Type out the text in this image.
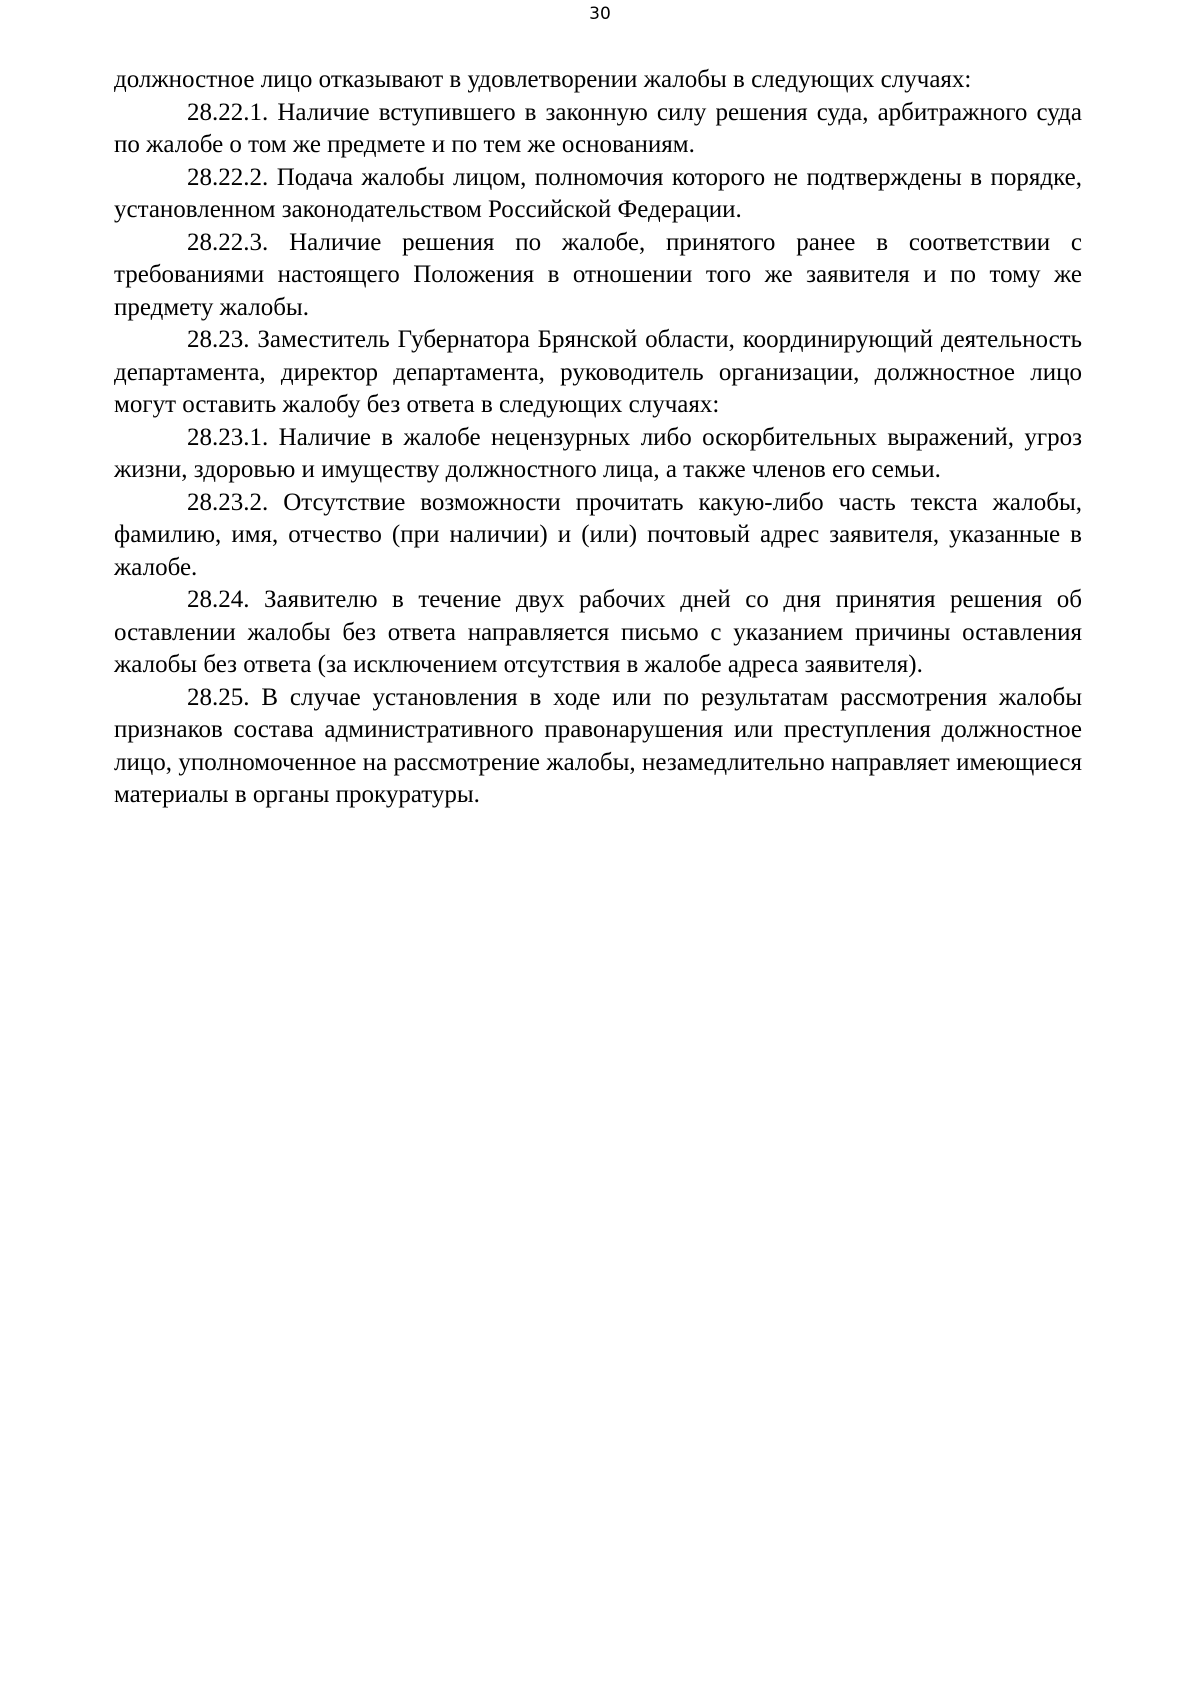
30

должностное лицо отказывают в удовлетворении жалобы в следующих случаях:

28.22.1. Наличие вступившего в законную силу решения суда, арбитражного суда по жалобе о том же предмете и по тем же основаниям.

28.22.2. Подача жалобы лицом, полномочия которого не подтверждены в порядке, установленном законодательством Российской Федерации.

28.22.3. Наличие решения по жалобе, принятого ранее в соответствии с требованиями настоящего Положения в отношении того же заявителя и по тому же предмету жалобы.

28.23. Заместитель Губернатора Брянской области, координирующий деятельность департамента, директор департамента, руководитель организации, должностное лицо могут оставить жалобу без ответа в следующих случаях:

28.23.1. Наличие в жалобе нецензурных либо оскорбительных выражений, угроз жизни, здоровью и имуществу должностного лица, а также членов его семьи.

28.23.2. Отсутствие возможности прочитать какую-либо часть текста жалобы, фамилию, имя, отчество (при наличии) и (или) почтовый адрес заявителя, указанные в жалобе.

28.24. Заявителю в течение двух рабочих дней со дня принятия решения об оставлении жалобы без ответа направляется письмо с указанием причины оставления жалобы без ответа (за исключением отсутствия в жалобе адреса заявителя).

28.25. В случае установления в ходе или по результатам рассмотрения жалобы признаков состава административного правонарушения или преступления должностное лицо, уполномоченное на рассмотрение жалобы, незамедлительно направляет имеющиеся материалы в органы прокуратуры.
